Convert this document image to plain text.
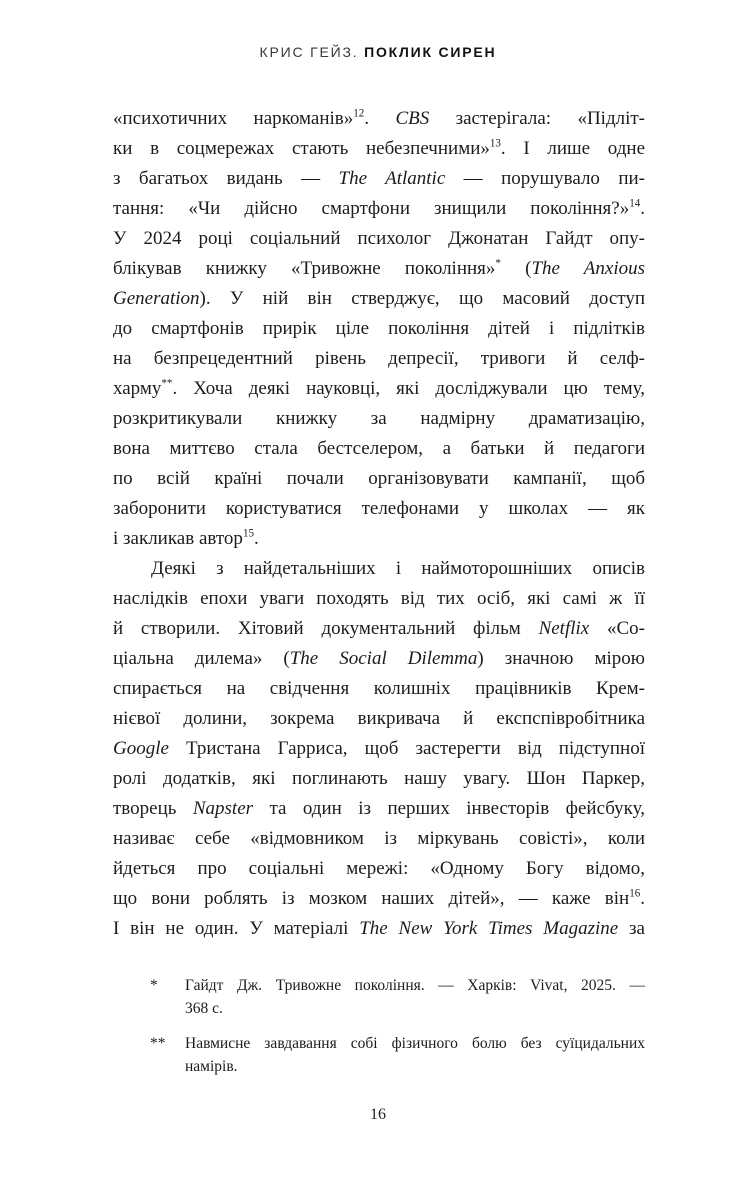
КРИС ГЕЙЗ. ПОКЛИК СИРЕН
«психотичних наркоманів»$^{12}$. CBS застерігала: «Підліт-
ки в соцмережах стають небезпечними»$^{13}$. І лише одне
з багатьох видань — The Atlantic — порушувало пи-
тання: «Чи дійсно смартфони знищили покоління?»$^{14}$.
У 2024 році соціальний психолог Джонатан Гайдт опу-
блікував книжку «Тривожне покоління»* (The Anxious
Generation). У ній він стверджує, що масовий доступ
до смартфонів прирік ціле покоління дітей і підлітків
на безпрецедентний рівень депресії, тривоги й селф-
харму**. Хоча деякі науковці, які досліджували цю тему,
розкритикували книжку за надмірну драматизацію,
вона миттєво стала бестселером, а батьки й педагоги
по всій країні почали організовувати кампанії, щоб
заборонити користуватися телефонами у школах — як
і закликав автор$^{15}$.
Деякі з найдетальніших і наймоторошніших описів
наслідків епохи уваги походять від тих осіб, які самі ж її
й створили. Хітовий документальний фільм Netflix «Со-
ціальна дилема» (The Social Dilemma) значною мірою
спирається на свідчення колишніх працівників Крем-
нієвої долини, зокрема викривача й експспівробітника
Google Тристана Гарриса, щоб застерегти від підступної
ролі додатків, які поглинають нашу увагу. Шон Паркер,
творець Napster та один із перших інвесторів фейсбуку,
називає себе «відмовником із міркувань совісті», коли
йдеться про соціальні мережі: «Одному Богу відомо,
що вони роблять із мозком наших дітей», — каже він$^{16}$.
І він не один. У матеріалі The New York Times Magazine за
*	Гайдт Дж. Тривожне покоління. — Харків: Vivat, 2025. —
368 с.
**	Навмисне завдавання собі фізичного болю без суїцидальних
намірів.
16
